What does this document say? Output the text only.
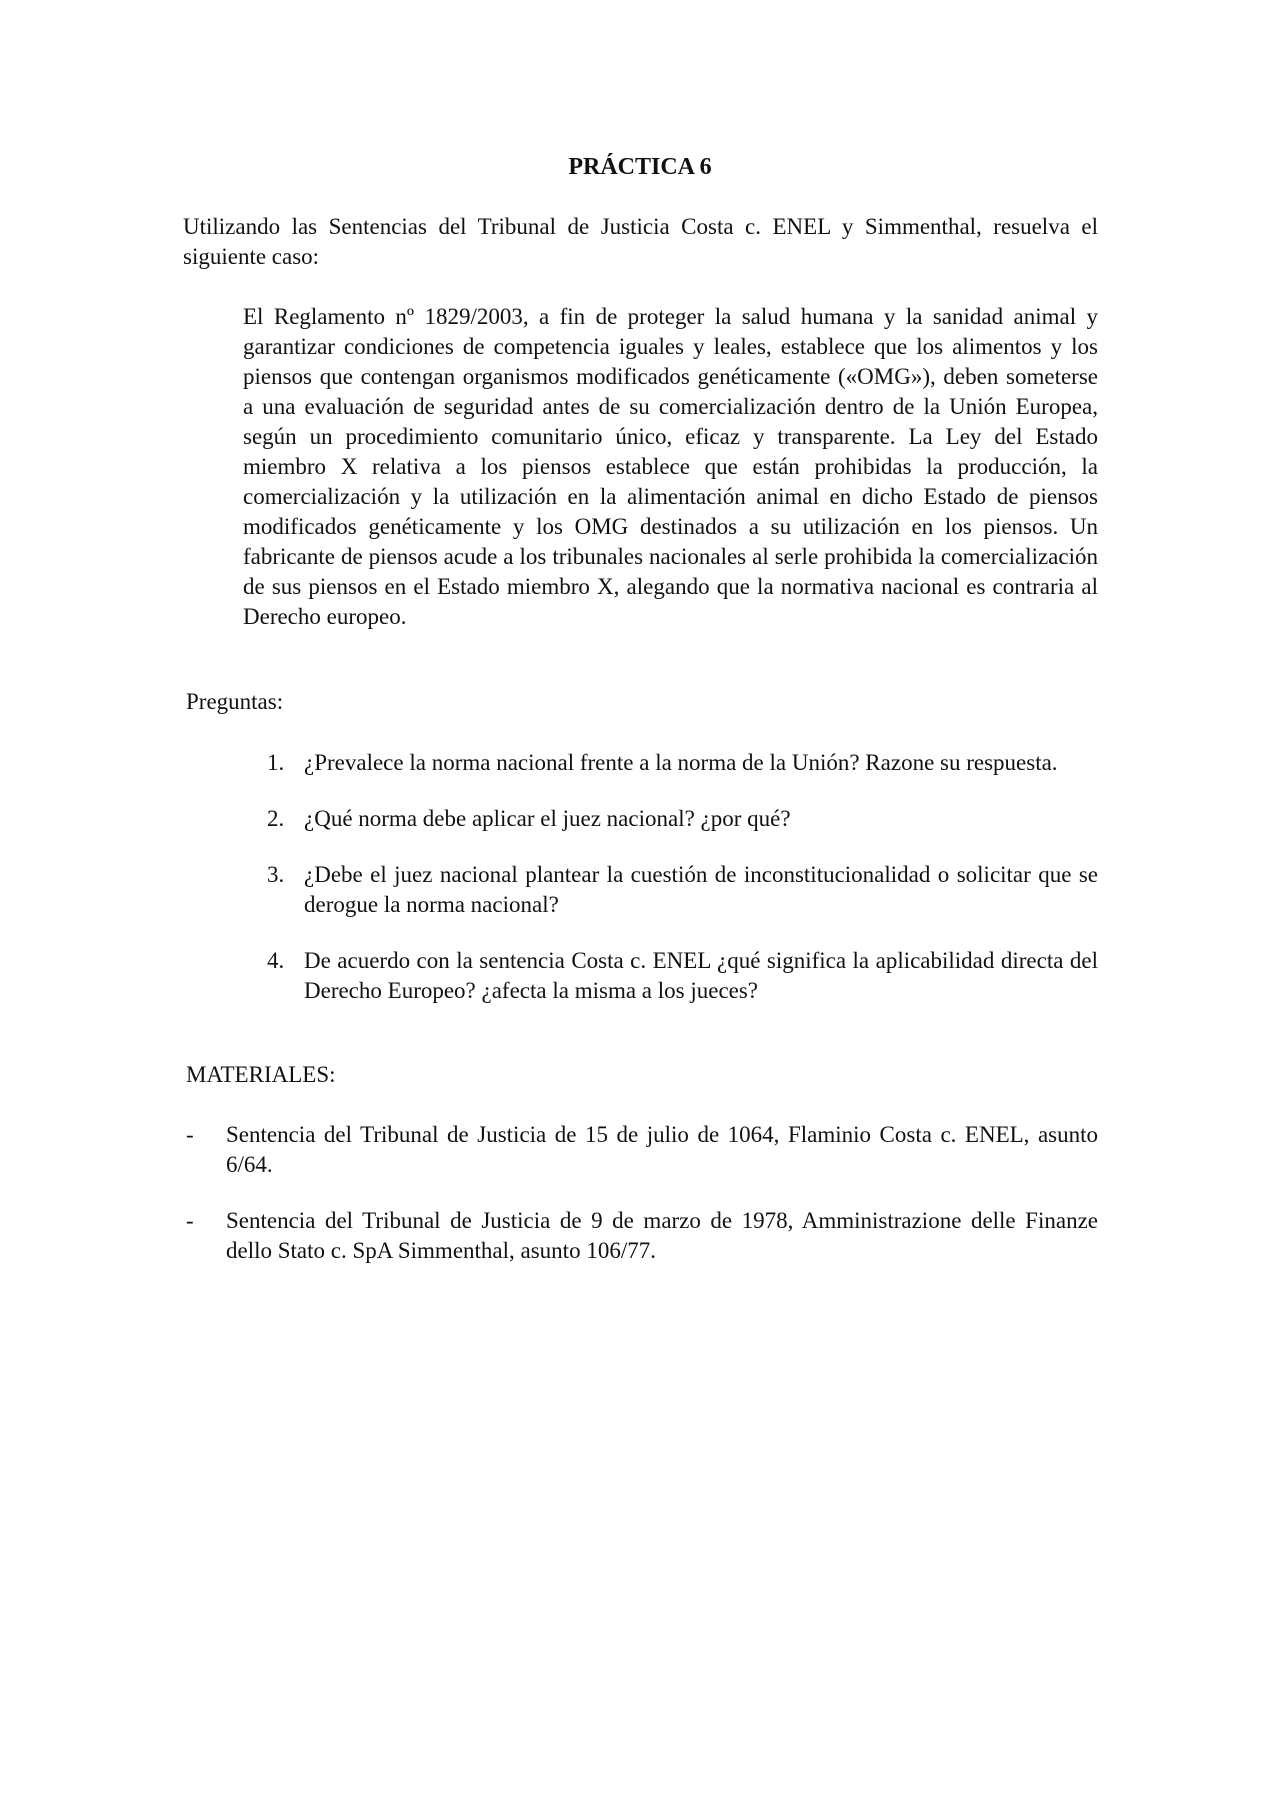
PRÁCTICA 6

Utilizando las Sentencias del Tribunal de Justicia Costa c. ENEL y Simmenthal, resuelva el siguiente caso:

El Reglamento nº 1829/2003, a fin de proteger la salud humana y la sanidad animal y garantizar condiciones de competencia iguales y leales, establece que los alimentos y los piensos que contengan organismos modificados genéticamente («OMG»), deben someterse a una evaluación de seguridad antes de su comercialización dentro de la Unión Europea, según un procedimiento comunitario único, eficaz y transparente. La Ley del Estado miembro X relativa a los piensos establece que están prohibidas la producción, la comercialización y la utilización en la alimentación animal en dicho Estado de piensos modificados genéticamente y los OMG destinados a su utilización en los piensos. Un fabricante de piensos acude a los tribunales nacionales al serle prohibida la comercialización de sus piensos en el Estado miembro X, alegando que la normativa nacional es contraria al Derecho europeo.

Preguntas:

1. ¿Prevalece la norma nacional frente a la norma de la Unión? Razone su respuesta.
2. ¿Qué norma debe aplicar el juez nacional? ¿por qué?
3. ¿Debe el juez nacional plantear la cuestión de inconstitucionalidad o solicitar que se derogue la norma nacional?
4. De acuerdo con la sentencia Costa c. ENEL ¿qué significa la aplicabilidad directa del Derecho Europeo? ¿afecta la misma a los jueces?

MATERIALES:

- Sentencia del Tribunal de Justicia de 15 de julio de 1064, Flaminio Costa c. ENEL, asunto 6/64.
- Sentencia del Tribunal de Justicia de 9 de marzo de 1978, Amministrazione delle Finanze dello Stato c. SpA Simmenthal, asunto 106/77.
